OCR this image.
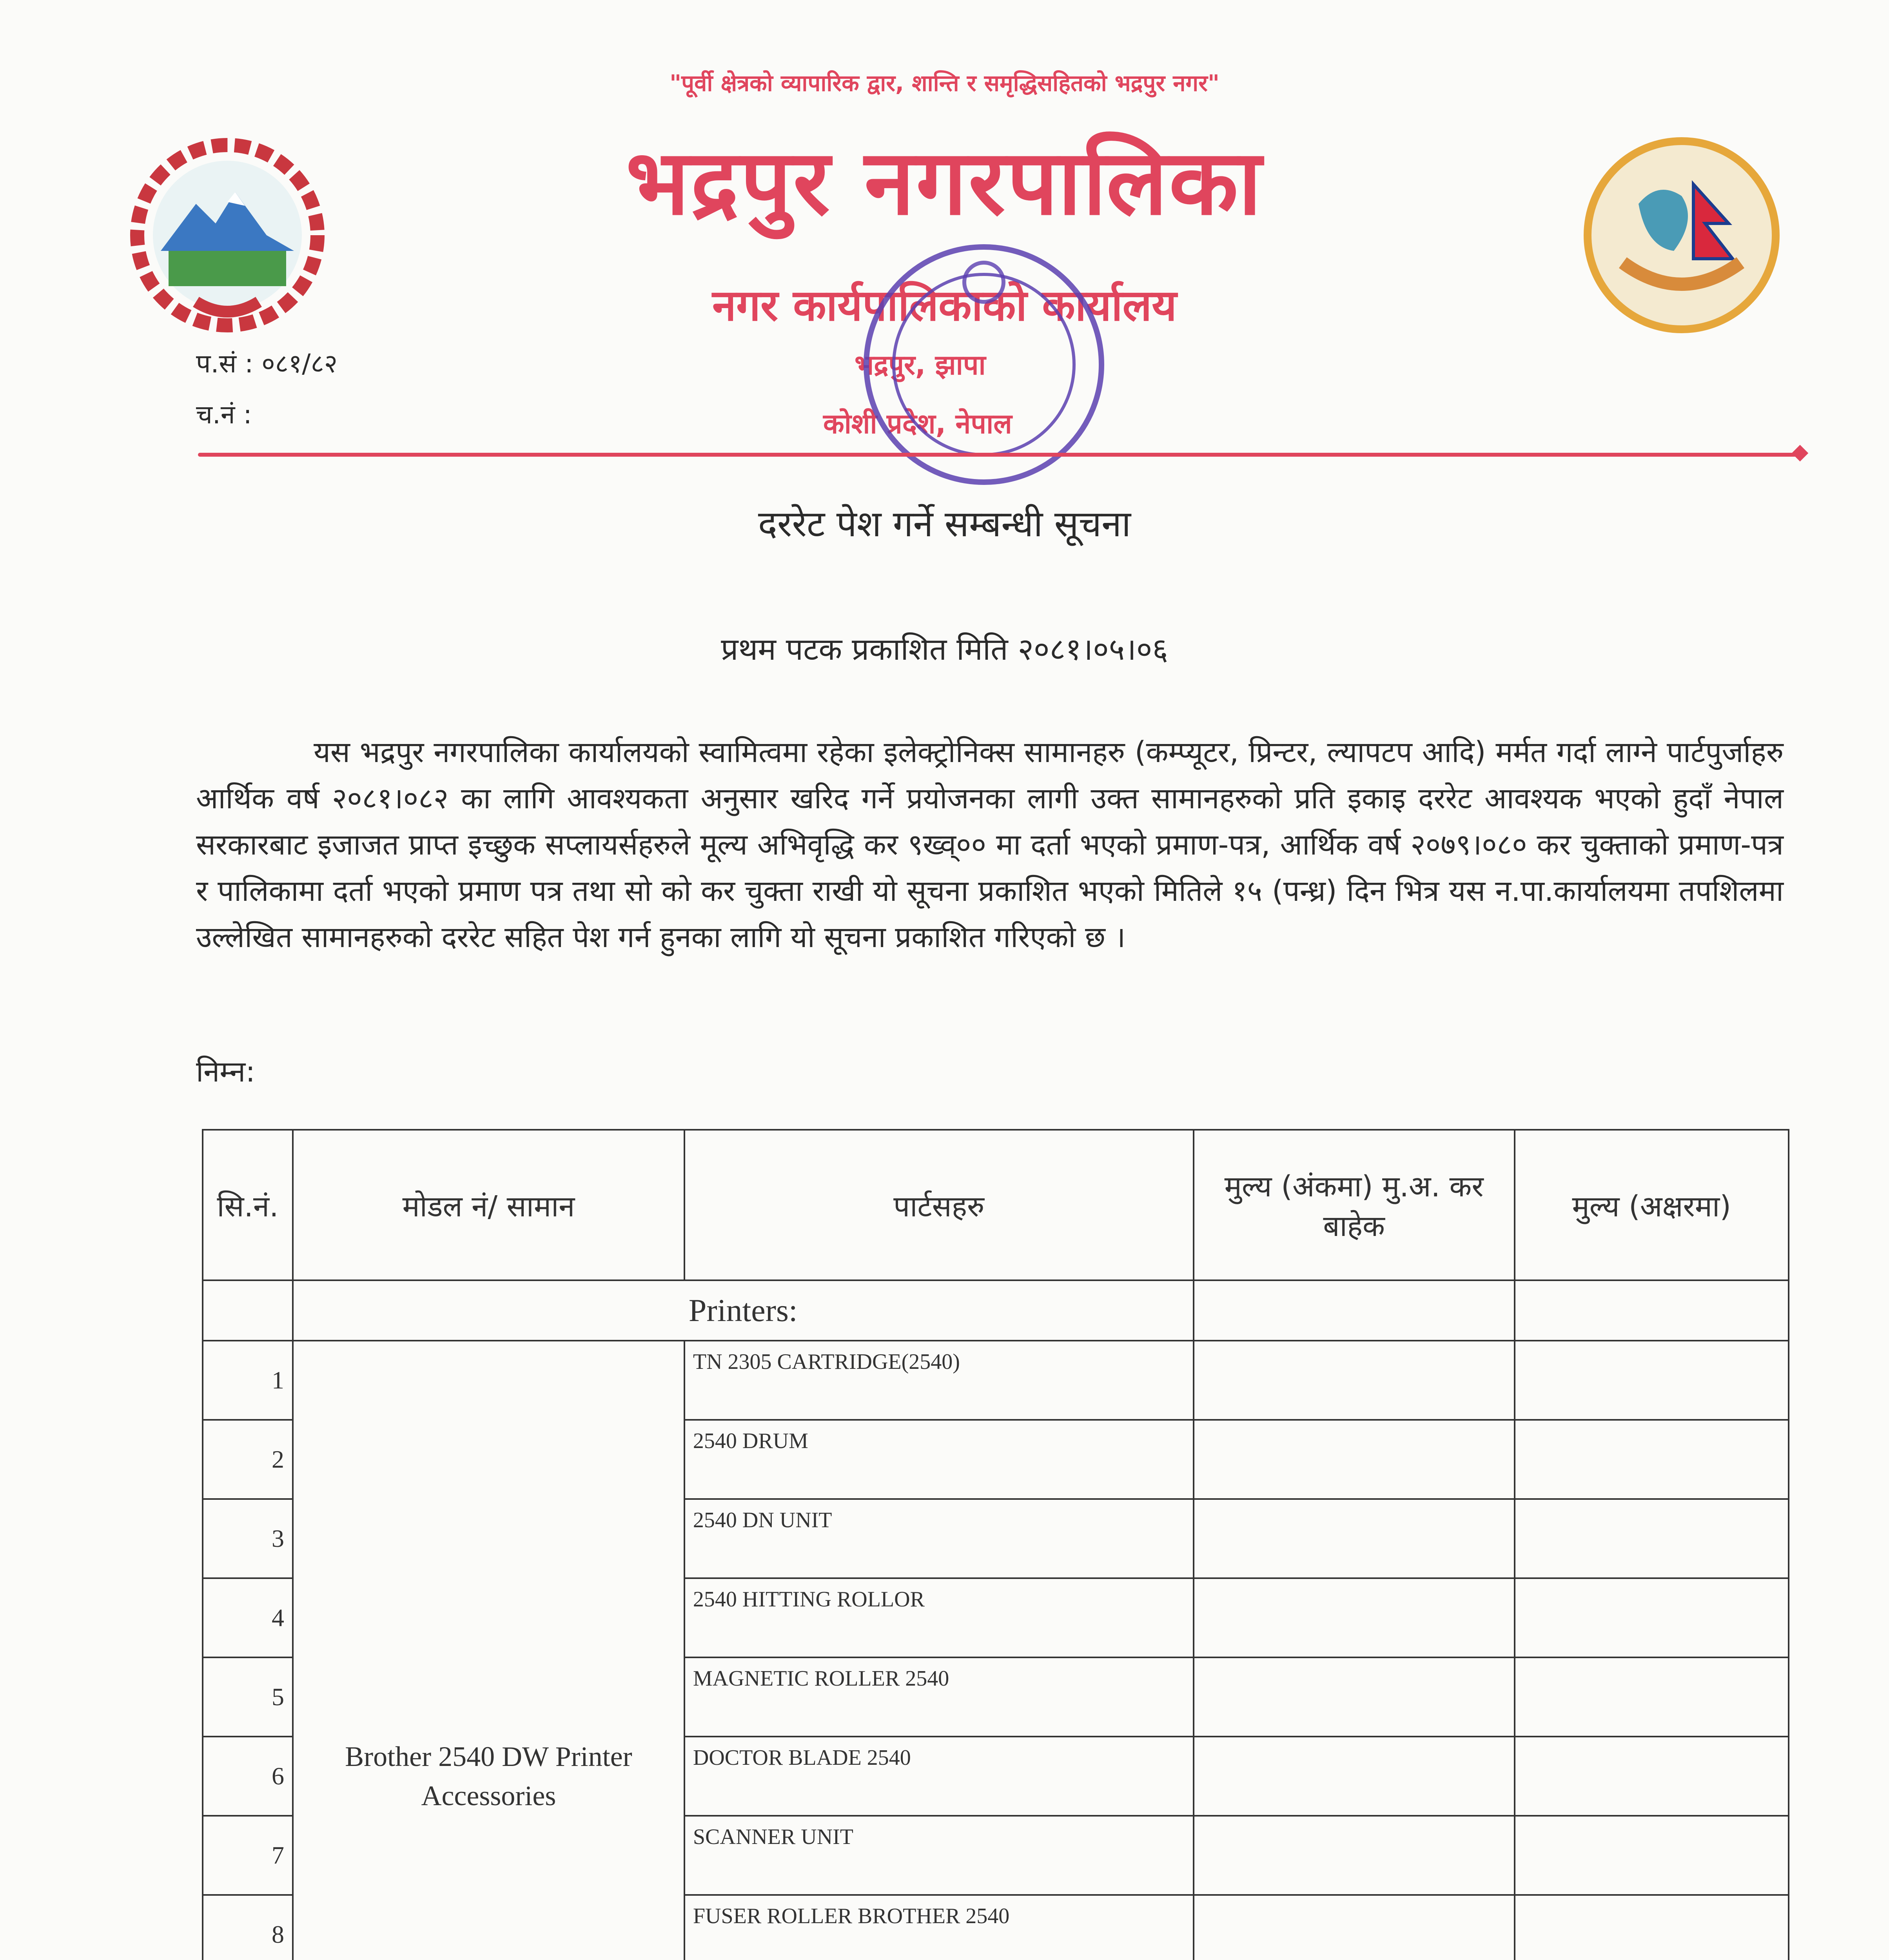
"पूर्वी क्षेत्रको व्यापारिक द्वार, शान्ति र समृद्धिसहितको भद्रपुर नगर"
भद्रपुर नगरपालिका
नगर कार्यपालिकाको कार्यालय
भद्रपुर, झापा
कोशी प्रदेश, नेपाल
प.सं : ०८१/८२
च.नं :
दररेट पेश गर्ने सम्बन्धी सूचना
प्रथम पटक प्रकाशित मिति २०८१।०५।०६
यस भद्रपुर नगरपालिका कार्यालयको स्वामित्वमा रहेका इलेक्ट्रोनिक्स सामानहरु (कम्प्यूटर, प्रिन्टर, ल्यापटप आदि) मर्मत गर्दा लाग्ने पार्टपुर्जाहरु आर्थिक वर्ष २०८१।०८२ का लागि आवश्यकता अनुसार खरिद गर्ने प्रयोजनका लागी उक्त सामानहरुको प्रति इकाइ दररेट आवश्यक भएको हुदाँ नेपाल सरकारबाट इजाजत प्राप्त इच्छुक सप्लायर्सहरुले मूल्य अभिवृद्धि कर ९ख्व्०० मा दर्ता भएको प्रमाण-पत्र, आर्थिक वर्ष २०७९।०८० कर चुक्ताको प्रमाण-पत्र र पालिकामा दर्ता भएको प्रमाण पत्र तथा सो को कर चुक्ता राखी यो सूचना प्रकाशित भएको मितिले १५ (पन्ध्र) दिन भित्र यस न.पा.कार्यालयमा तपशिलमा उल्लेखित सामानहरुको दररेट सहित पेश गर्न हुनका लागि यो सूचना प्रकाशित गरिएको छ ।
निम्न:
सि.नं.	मोडल नं/ सामान	पार्टसहरु	मुल्य (अंकमा) मु.अ. कर बाहेक	मुल्य (अक्षरमा)
	Printers:			
1	Brother 2540 DW Printer Accessories	TN 2305 CARTRIDGE(2540)		
2		2540 DRUM		
3		2540 DN UNIT		
4		2540 HITTING ROLLOR		
5		MAGNETIC ROLLER 2540		
6		DOCTOR BLADE 2540		
7		SCANNER UNIT		
8		FUSER ROLLER BROTHER 2540		
